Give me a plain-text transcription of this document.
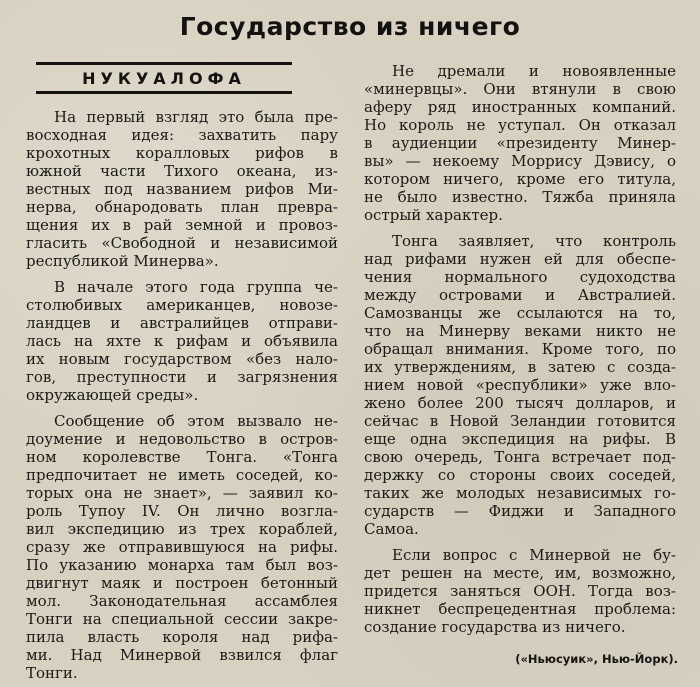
Государство из ничего
НУКУАЛОФА
На первый взгляд это была пре-
восходная идея: захватить пару
крохотных коралловых рифов в
южной части Тихого океана, из-
вестных под названием рифов Ми-
нерва, обнародовать план превра-
щения их в рай земной и провоз-
гласить «Свободной и независимой
республикой Минерва».
В начале этого года группа че-
столюбивых американцев, новозе-
ландцев и австралийцев отправи-
лась на яхте к рифам и объявила
их новым государством «без нало-
гов, преступности и загрязнения
окружающей среды».
Сообщение об этом вызвало не-
доумение и недовольство в остров-
ном королевстве Тонга. «Тонга
предпочитает не иметь соседей, ко-
торых она не знает», — заявил ко-
роль Тупоу IV. Он лично возгла-
вил экспедицию из трех кораблей,
сразу же отправившуюся на рифы.
По указанию монарха там был воз-
двигнут маяк и построен бетонный
мол. Законодательная ассамблея
Тонги на специальной сессии закре-
пила власть короля над рифа-
ми. Над Минервой взвился флаг
Тонги.
Не дремали и новоявленные
«минервцы». Они втянули в свою
аферу ряд иностранных компаний.
Но король не уступал. Он отказал
в аудиенции «президенту Минер-
вы» — некоему Моррису Дэвису, о
котором ничего, кроме его титула,
не было известно. Тяжба приняла
острый характер.
Тонга заявляет, что контроль
над рифами нужен ей для обеспе-
чения нормального судоходства
между островами и Австралией.
Самозванцы же ссылаются на то,
что на Минерву веками никто не
обращал внимания. Кроме того, по
их утверждениям, в затею с созда-
нием новой «республики» уже вло-
жено более 200 тысяч долларов, и
сейчас в Новой Зеландии готовится
еще одна экспедиция на рифы. В
свою очередь, Тонга встречает под-
держку со стороны своих соседей,
таких же молодых независимых го-
сударств — Фиджи и Западного
Самоа.
Если вопрос с Минервой не бу-
дет решен на месте, им, возможно,
придется заняться ООН. Тогда воз-
никнет беспрецедентная проблема:
создание государства из ничего.
(«Ньюсуик», Нью-Йорк).
